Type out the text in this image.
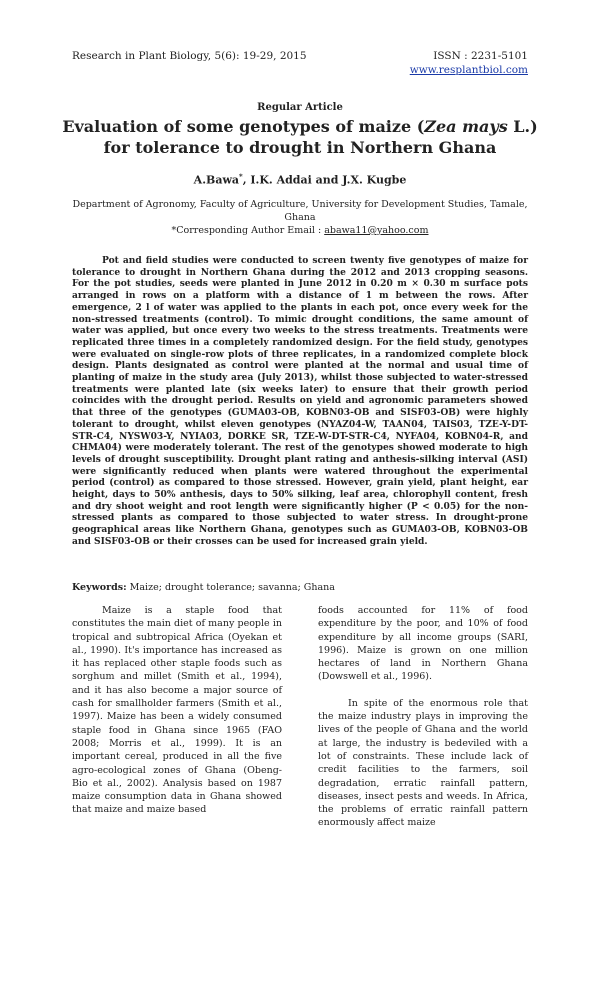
Research in Plant Biology, 5(6): 19-29, 2015	ISSN : 2231-5101
www.resplantbiol.com
Regular Article
Evaluation of some genotypes of maize (Zea mays L.) for tolerance to drought in Northern Ghana
A.Bawa*, I.K. Addai and J.X. Kugbe
Department of Agronomy, Faculty of Agriculture, University for Development Studies, Tamale, Ghana
*Corresponding Author Email : abawa11@yahoo.com

Pot and field studies were conducted to screen twenty five genotypes of maize for tolerance to drought in Northern Ghana during the 2012 and 2013 cropping seasons. For the pot studies, seeds were planted in June 2012 in 0.20 m × 0.30 m surface pots arranged in rows on a platform with a distance of 1 m between the rows. After emergence, 2 l of water was applied to the plants in each pot, once every week for the non-stressed treatments (control). To mimic drought conditions, the same amount of water was applied, but once every two weeks to the stress treatments. Treatments were replicated three times in a completely randomized design. For the field study, genotypes were evaluated on single-row plots of three replicates, in a randomized complete block design. Plants designated as control were planted at the normal and usual time of planting of maize in the study area (July 2013), whilst those subjected to water-stressed treatments were planted late (six weeks later) to ensure that their growth period coincides with the drought period. Results on yield and agronomic parameters showed that three of the genotypes (GUMA03-OB, KOBN03-OB and SISF03-OB) were highly tolerant to drought, whilst eleven genotypes (NYAZ04-W, TAAN04, TAIS03, TZE-Y-DT-STR-C4, NYSW03-Y, NYIA03, DORKE SR, TZE-W-DT-STR-C4, NYFA04, KOBN04-R, and CHMA04) were moderately tolerant. The rest of the genotypes showed moderate to high levels of drought susceptibility. Drought plant rating and anthesis-silking interval (ASI) were significantly reduced when plants were watered throughout the experimental period (control) as compared to those stressed. However, grain yield, plant height, ear height, days to 50% anthesis, days to 50% silking, leaf area, chlorophyll content, fresh and dry shoot weight and root length were significantly higher (P < 0.05) for the non-stressed plants as compared to those subjected to water stress. In drought-prone geographical areas like Northern Ghana, genotypes such as GUMA03-OB, KOBN03-OB and SISF03-OB or their crosses can be used for increased grain yield.

Keywords: Maize; drought tolerance; savanna; Ghana

Maize is a staple food that constitutes the main diet of many people in tropical and subtropical Africa (Oyekan et al., 1990). It's importance has increased as it has replaced other staple foods such as sorghum and millet (Smith et al., 1994), and it has also become a major source of cash for smallholder farmers (Smith et al., 1997). Maize has been a widely consumed staple food in Ghana since 1965 (FAO 2008; Morris et al., 1999). It is an important cereal, produced in all the five agro-ecological zones of Ghana (Obeng- Bio et al., 2002). Analysis based on 1987 maize consumption data in Ghana showed that maize and maize based

foods accounted for 11% of food expenditure by the poor, and 10% of food expenditure by all income groups (SARI, 1996). Maize is grown on one million hectares of land in Northern Ghana (Dowswell et al., 1996).

In spite of the enormous role that the maize industry plays in improving the lives of the people of Ghana and the world at large, the industry is bedeviled with a lot of constraints. These include lack of credit facilities to the farmers, soil degradation, erratic rainfall pattern, diseases, insect pests and weeds. In Africa, the problems of erratic rainfall pattern enormously affect maize
